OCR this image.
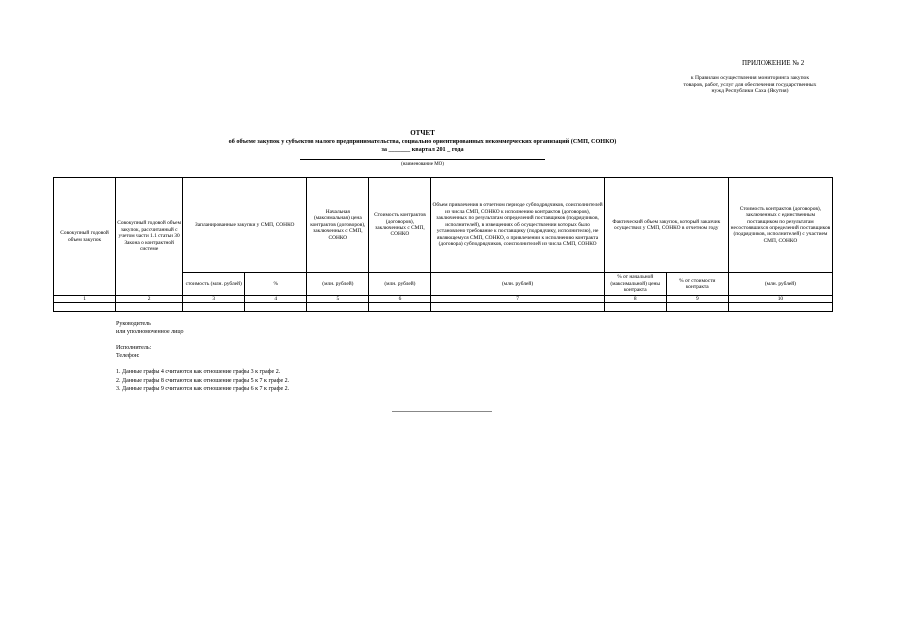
ПРИЛОЖЕНИЕ № 2
к Правилам осуществления мониторинга закупок
товаров, работ, услуг для обеспечения государственных
нужд Республики Саха (Якутия)
ОТЧЕТ
об объеме закупок у субъектов малого предпринимательства, социально ориентированных некоммерческих организаций (СМП, СОНКО)
за _______ квартал 201 _ года
(наименование МО)
Совокупный годовой объем закупок	Совокупный годовой объем закупок, рассчитанный с учетом части 1.1 статьи 30 Закона о контрактной системе	Запланированные закупки у СМП, СОНКО		Начальная (максимальная) цена контрактов (договоров), заключенных с СМП, СОНКО	Стоимость контрактов (договоров), заключенных с СМП, СОНКО	Объем привлечения в отчетном периоде субподрядчиков, соисполнителей из числа СМП, СОНКО к исполнению контрактов (договоров), заключенных по результатам определений поставщиков (подрядчиков, исполнителей), в извещениях об осуществлении которых было установлено требование к поставщику (подрядчику, исполнителю), не являющемуся СМП, СОНКО, о привлечении к исполнению контракта (договора) субподрядчиков, соисполнителей из числа СМП, СОНКО	Фактический объем закупок, который заказчик осуществил у СМП, СОНКО в отчетном году		Стоимость контрактов (договоров), заключенных с единственным поставщиком по результатам несостоявшихся определений поставщиков (подрядчиков, исполнителей) с участием СМП, СОНКО
		стоимость (млн. рублей)	%	(млн. рублей)	(млн. рублей)	(млн. рублей)	% от начальной (максимальной) цены контракта	% от стоимости контракта	(млн. рублей)
1	2	3	4	5	6	7	8	9	10

Руководитель
или уполномоченное лицо
Исполнитель:
Телефон:
1. Данные графы 4 считаются как отношение графы 3 к графе 2.
2. Данные графы 8 считаются как отношение графы 5 к 7 к графе 2.
3. Данные графы 9 считаются как отношение графы 6 к 7 к графе 2.
